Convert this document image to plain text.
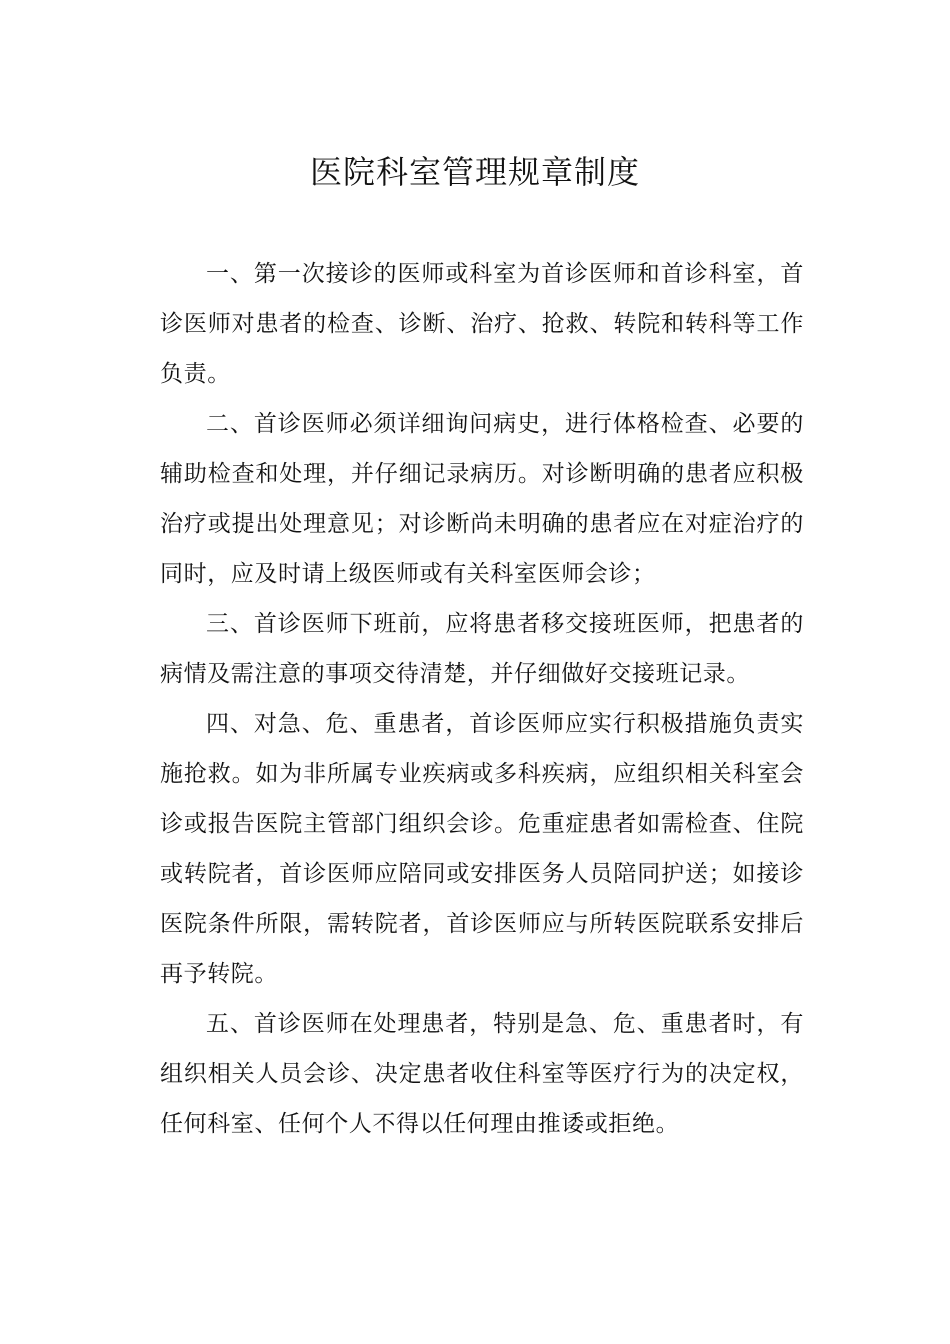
医院科室管理规章制度

一、第一次接诊的医师或科室为首诊医师和首诊科室，首诊医师对患者的检查、诊断、治疗、抢救、转院和转科等工作负责。

二、首诊医师必须详细询问病史，进行体格检查、必要的辅助检查和处理，并仔细记录病历。对诊断明确的患者应积极治疗或提出处理意见；对诊断尚未明确的患者应在对症治疗的同时，应及时请上级医师或有关科室医师会诊；

三、首诊医师下班前，应将患者移交接班医师，把患者的病情及需注意的事项交待清楚，并仔细做好交接班记录。

四、对急、危、重患者，首诊医师应实行积极措施负责实施抢救。如为非所属专业疾病或多科疾病，应组织相关科室会诊或报告医院主管部门组织会诊。危重症患者如需检查、住院或转院者，首诊医师应陪同或安排医务人员陪同护送；如接诊医院条件所限，需转院者，首诊医师应与所转医院联系安排后再予转院。

五、首诊医师在处理患者，特别是急、危、重患者时，有组织相关人员会诊、决定患者收住科室等医疗行为的决定权，任何科室、任何个人不得以任何理由推诿或拒绝。
